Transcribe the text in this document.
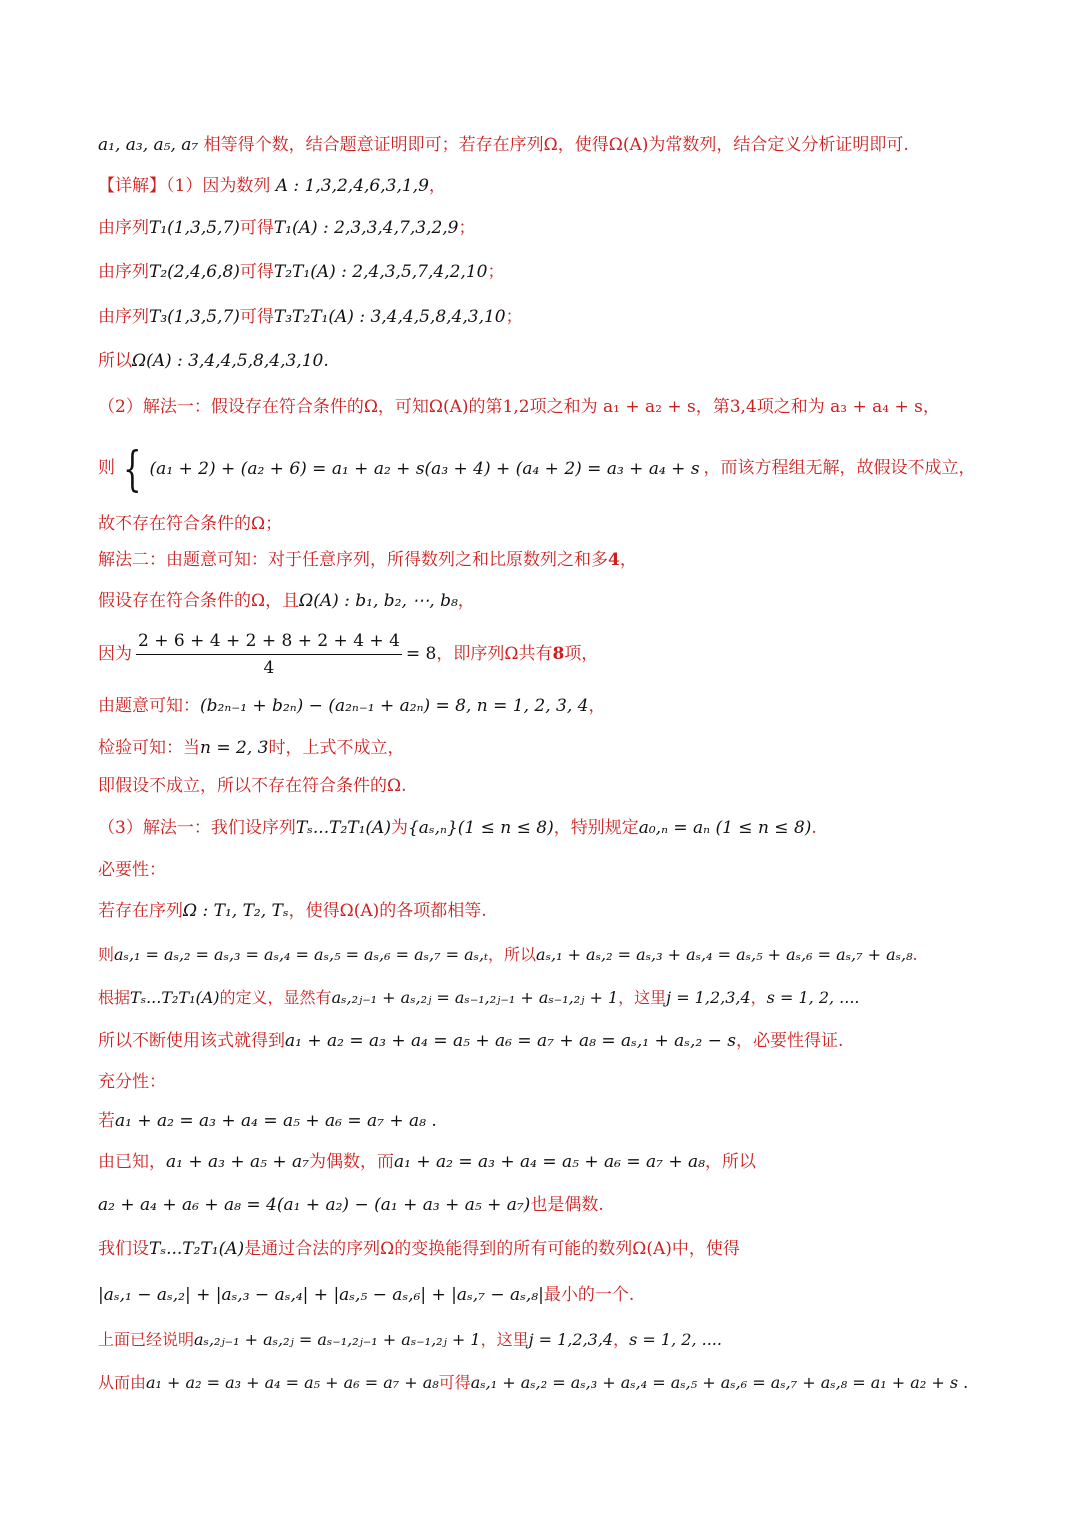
a₁, a₃, a₅, a₇ 相等得个数，结合题意证明即可；若存在序列Ω，使得Ω(A)为常数列，结合定义分析证明即可.
【详解】（1）因为数列 A : 1,3,2,4,6,3,1,9，
由序列T₁(1,3,5,7)可得T₁(A) : 2,3,3,4,7,3,2,9；
由序列T₂(2,4,6,8)可得T₂T₁(A) : 2,4,3,5,7,4,2,10；
由序列T₃(1,3,5,7)可得T₃T₂T₁(A) : 3,4,4,5,8,4,3,10；
所以Ω(A) : 3,4,4,5,8,4,3,10.
（2）解法一：假设存在符合条件的Ω，可知Ω(A)的第1,2项之和为 a₁ + a₂ + s，第3,4项之和为 a₃ + a₄ + s，
则 { (a₁ + 2) + (a₂ + 6) = a₁ + a₂ + s(a₃ + 4) + (a₄ + 2) = a₃ + a₄ + s ，而该方程组无解，故假设不成立，
故不存在符合条件的Ω；
解法二：由题意可知：对于任意序列，所得数列之和比原数列之和多4，
假设存在符合条件的Ω，且Ω(A) : b₁, b₂, ⋯, b₈，
因为 $\frac{2 + 6 + 4 + 2 + 8 + 2 + 4 + 4}{4} = 8$，即序列Ω共有8项，
由题意可知：(b₂ₙ₋₁ + b₂ₙ) − (a₂ₙ₋₁ + a₂ₙ) = 8, n = 1, 2, 3, 4，
检验可知：当n = 2, 3时，上式不成立，
即假设不成立，所以不存在符合条件的Ω.
（3）解法一：我们设序列Tₛ...T₂T₁(A)为{aₛ,ₙ}(1 ≤ n ≤ 8)，特别规定a₀,ₙ = aₙ (1 ≤ n ≤ 8).
必要性：
若存在序列Ω : T₁, T₂, Tₛ，使得Ω(A)的各项都相等.
则aₛ,₁ = aₛ,₂ = aₛ,₃ = aₛ,₄ = aₛ,₅ = aₛ,₆ = aₛ,₇ = aₛ,ₜ，所以aₛ,₁ + aₛ,₂ = aₛ,₃ + aₛ,₄ = aₛ,₅ + aₛ,₆ = aₛ,₇ + aₛ,₈.
根据Tₛ...T₂T₁(A)的定义，显然有aₛ,₂ⱼ₋₁ + aₛ,₂ⱼ = aₛ₋₁,₂ⱼ₋₁ + aₛ₋₁,₂ⱼ + 1，这里j = 1,2,3,4，s = 1, 2, ....
所以不断使用该式就得到a₁ + a₂ = a₃ + a₄ = a₅ + a₆ = a₇ + a₈ = aₛ,₁ + aₛ,₂ − s，必要性得证.
充分性：
若a₁ + a₂ = a₃ + a₄ = a₅ + a₆ = a₇ + a₈ .
由已知，a₁ + a₃ + a₅ + a₇为偶数，而a₁ + a₂ = a₃ + a₄ = a₅ + a₆ = a₇ + a₈，所以
a₂ + a₄ + a₆ + a₈ = 4(a₁ + a₂) − (a₁ + a₃ + a₅ + a₇)也是偶数.
我们设Tₛ...T₂T₁(A)是通过合法的序列Ω的变换能得到的所有可能的数列Ω(A)中，使得
|aₛ,₁ − aₛ,₂| + |aₛ,₃ − aₛ,₄| + |aₛ,₅ − aₛ,₆| + |aₛ,₇ − aₛ,₈|最小的一个.
上面已经说明aₛ,₂ⱼ₋₁ + aₛ,₂ⱼ = aₛ₋₁,₂ⱼ₋₁ + aₛ₋₁,₂ⱼ + 1，这里j = 1,2,3,4，s = 1, 2, ....
从而由a₁ + a₂ = a₃ + a₄ = a₅ + a₆ = a₇ + a₈可得aₛ,₁ + aₛ,₂ = aₛ,₃ + aₛ,₄ = aₛ,₅ + aₛ,₆ = aₛ,₇ + aₛ,₈ = a₁ + a₂ + s .
